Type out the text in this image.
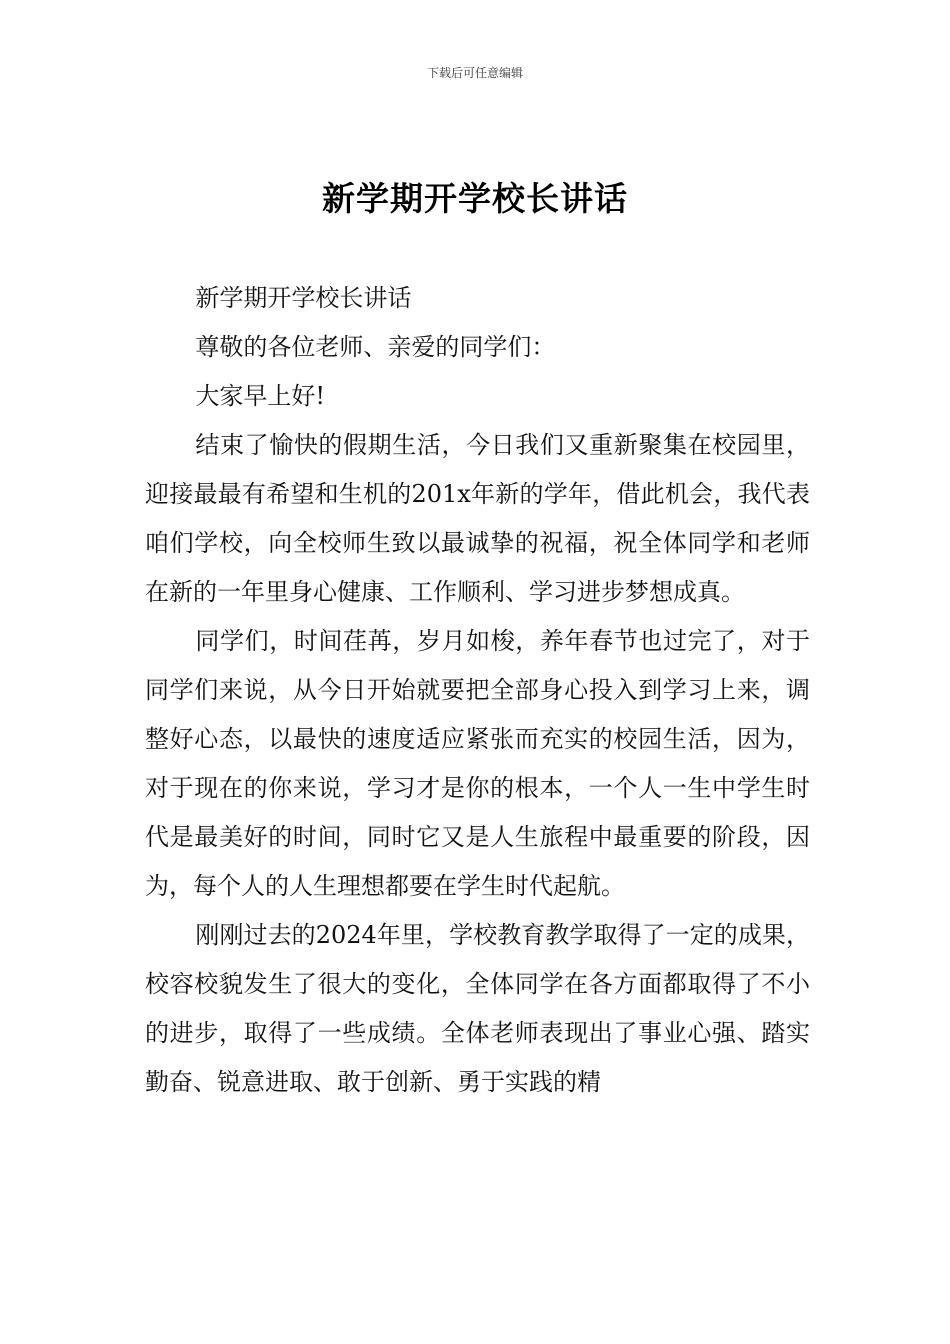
下载后可任意编辑
新学期开学校长讲话

新学期开学校长讲话

尊敬的各位老师、亲爱的同学们：

大家早上好!

结束了愉快的假期生活，今日我们又重新聚集在校园里，迎接最最有希望和生机的201x年新的学年，借此机会，我代表咱们学校，向全校师生致以最诚挚的祝福，祝全体同学和老师在新的一年里身心健康、工作顺利、学习进步梦想成真。

同学们，时间荏苒，岁月如梭，养年春节也过完了，对于同学们来说，从今日开始就要把全部身心投入到学习上来，调整好心态，以最快的速度适应紧张而充实的校园生活，因为，对于现在的你来说，学习才是你的根本，一个人一生中学生时代是最美好的时间，同时它又是人生旅程中最重要的阶段，因为，每个人的人生理想都要在学生时代起航。

刚刚过去的2024年里，学校教育教学取得了一定的成果，校容校貌发生了很大的变化，全体同学在各方面都取得了不小的进步，取得了一些成绩。全体老师表现出了事业心强、踏实勤奋、锐意进取、敢于创新、勇于实践的精
